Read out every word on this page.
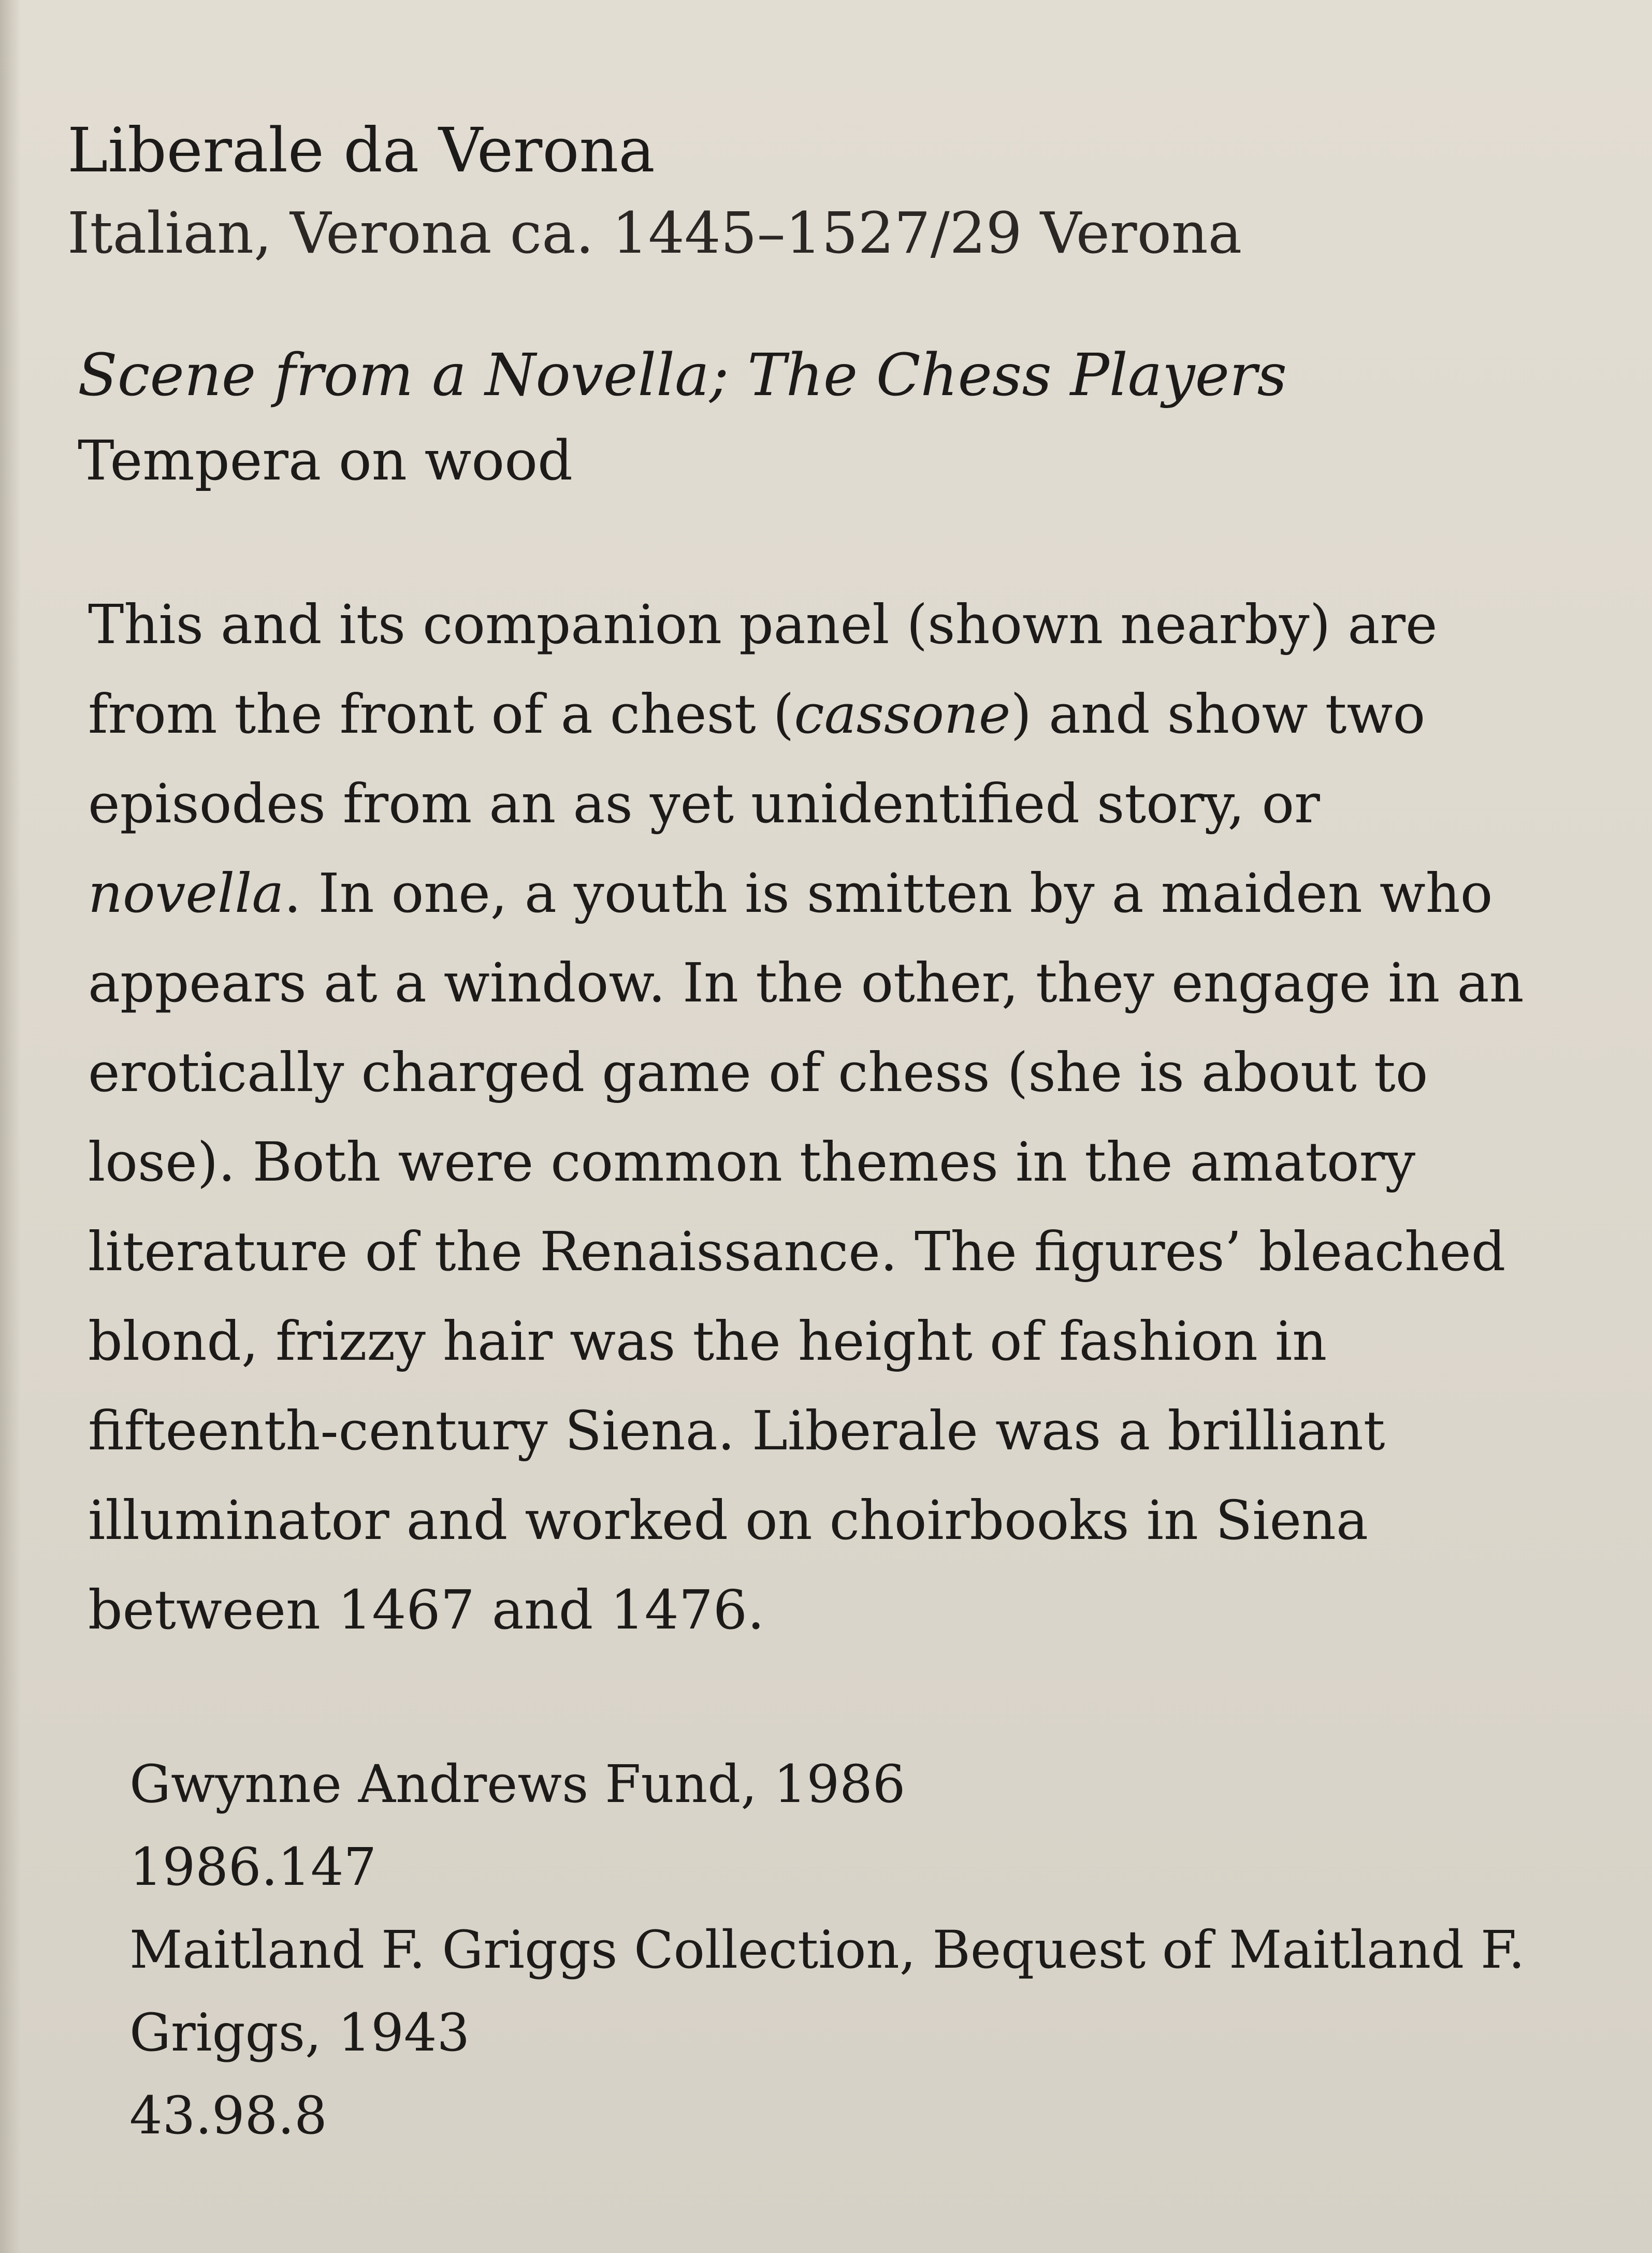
Liberale da Verona

Italian, Verona ca. 1445–1527/29 Verona

Scene from a Novella; The Chess Players

Tempera on wood

This and its companion panel (shown nearby) are
from the front of a chest (cassone) and show two
episodes from an as yet unidentified story, or
novella. In one, a youth is smitten by a maiden who
appears at a window. In the other, they engage in an
erotically charged game of chess (she is about to
lose). Both were common themes in the amatory
literature of the Renaissance. The figures’ bleached
blond, frizzy hair was the height of fashion in
fifteenth-century Siena. Liberale was a brilliant
illuminator and worked on choirbooks in Siena
between 1467 and 1476.
Gwynne Andrews Fund, 1986
1986.147
Maitland F. Griggs Collection, Bequest of Maitland F.
Griggs, 1943
43.98.8
